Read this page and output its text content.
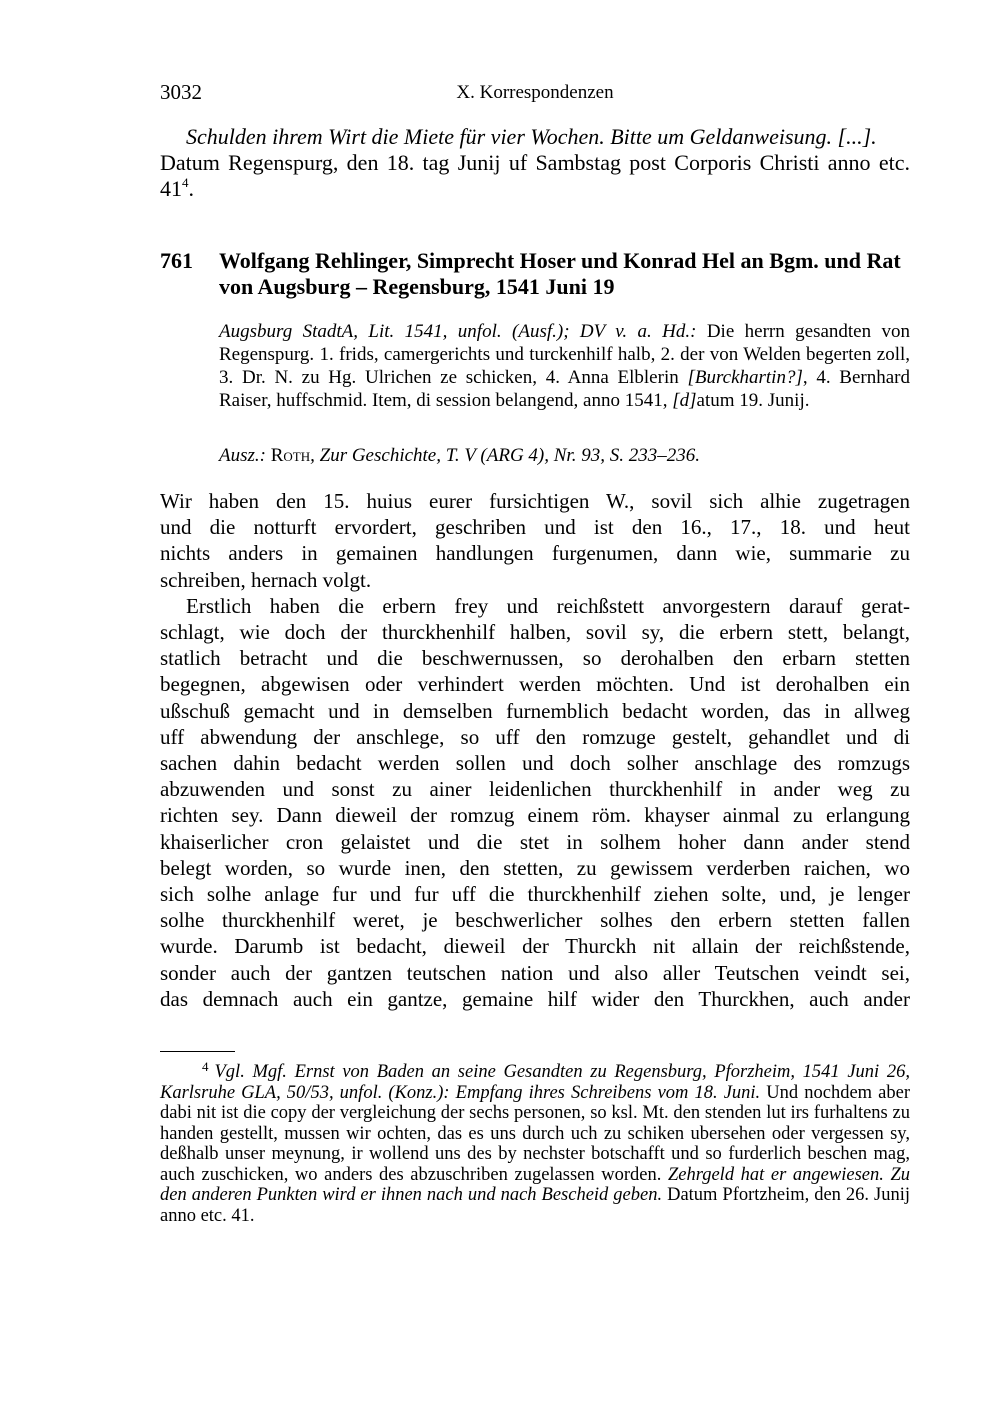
3032	X. Korrespondenzen
Schulden ihrem Wirt die Miete für vier Wochen. Bitte um Geldanweisung. [...].
Datum Regenspurg, den 18. tag Junij uf Sambstag post Corporis Christi anno etc. $41^4$.
761 Wolfgang Rehlinger, Simprecht Hoser und Konrad Hel an Bgm. und Rat von Augsburg – Regensburg, 1541 Juni 19
Augsburg StadtA, Lit. 1541, unfol. (Ausf.); DV v. a. Hd.: Die herrn gesandten von Regenspurg. 1. frids, camergerichts und turckenhilf halb, 2. der von Welden begerten zoll, 3. Dr. N. zu Hg. Ulrichen ze schicken, 4. Anna Elblerin [Burckhartin?], 4. Bernhard Raiser, huffschmid. Item, di session belangend, anno 1541, [d]atum 19. Junij.
Ausz.: Roth, Zur Geschichte, T. V (ARG 4), Nr. 93, S. 233–236.

Wir haben den 15. huius eurer fursichtigen W., sovil sich alhie zugetragen

und die notturft ervordert, geschriben und ist den 16., 17., 18. und heut

nichts anders in gemainen handlungen furgenumen, dann wie, summarie zu

schreiben, hernach volgt.

Erstlich haben die erbern frey und reichßstett anvorgestern darauf gerat-

schlagt, wie doch der thurckhenhilf halben, sovil sy, die erbern stett, belangt,

statlich betracht und die beschwernussen, so derohalben den erbarn stetten

begegnen, abgewisen oder verhindert werden möchten. Und ist derohalben ein

ußschuß gemacht und in demselben furnemblich bedacht worden, das in allweg

uff abwendung der anschlege, so uff den romzuge gestelt, gehandlet und di

sachen dahin bedacht werden sollen und doch solher anschlage des romzugs

abzuwenden und sonst zu ainer leidenlichen thurckhenhilf in ander weg zu

richten sey. Dann dieweil der romzug einem röm. khayser ainmal zu erlangung

khaiserlicher cron gelaistet und die stet in solhem hoher dann ander stend

belegt worden, so wurde inen, den stetten, zu gewissem verderben raichen, wo

sich solhe anlage fur und fur uff die thurckhenhilf ziehen solte, und, je lenger

solhe thurckhenhilf weret, je beschwerlicher solhes den erbern stetten fallen

wurde. Darumb ist bedacht, dieweil der Thurckh nit allain der reichßstende,

sonder auch der gantzen teutschen nation und also aller Teutschen veindt sei,

das demnach auch ein gantze, gemaine hilf wider den Thurckhen, auch ander

$^4$ Vgl. Mgf. Ernst von Baden an seine Gesandten zu Regensburg, Pforzheim, 1541 Juni 26, Karlsruhe GLA, 50/53, unfol. (Konz.): Empfang ihres Schreibens vom 18. Juni. Und nochdem aber dabi nit ist die copy der vergleichung der sechs personen, so ksl. Mt. den stenden lut irs furhaltens zu handen gestellt, mussen wir ochten, das es uns durch uch zu schiken ubersehen oder vergessen sy, deßhalb unser meynung, ir wollend uns des by nechster botschafft und so furderlich beschen mag, auch zuschicken, wo anders des abzuschriben zugelassen worden. Zehrgeld hat er angewiesen. Zu den anderen Punkten wird er ihnen nach und nach Bescheid geben. Datum Pfortzheim, den 26. Junij anno etc. 41.
